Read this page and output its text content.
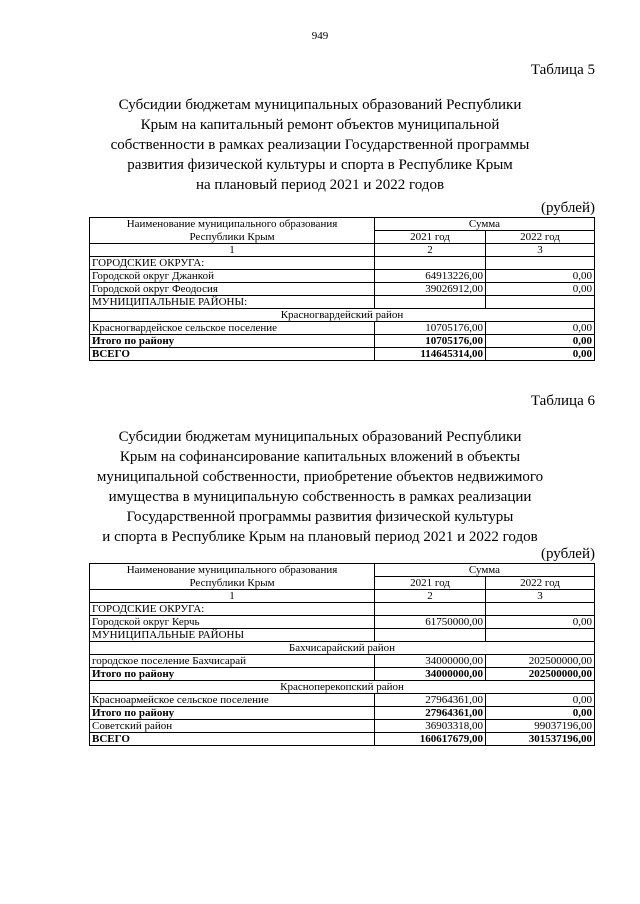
949
Таблица 5
Субсидии бюджетам муниципальных образований Республики
Крым на капитальный ремонт объектов муниципальной
собственности в рамках реализации Государственной программы
развития физической культуры и спорта в Республике Крым
на плановый период 2021 и 2022 годов
(рублей)
Наименование муниципального образования	Сумма	
Республики Крым	2021 год	2022 год
1	2	3
ГОРОДСКИЕ ОКРУГА:		
Городской округ Джанкой	64913226,00	0,00
Городской округ Феодосия	39026912,00	0,00
МУНИЦИПАЛЬНЫЕ РАЙОНЫ:		
Красногвардейский район		
Красногвардейское сельское поселение	10705176,00	0,00
Итого по району	10705176,00	0,00
ВСЕГО	114645314,00	0,00
Таблица 6
Субсидии бюджетам муниципальных образований Республики
Крым на софинансирование капитальных вложений в объекты
муниципальной собственности, приобретение объектов недвижимого
имущества в муниципальную собственность в рамках реализации
Государственной программы развития физической культуры
и спорта в Республике Крым на плановый период 2021 и 2022 годов
(рублей)
Наименование муниципального образования	Сумма	
Республики Крым	2021 год	2022 год
1	2	3
ГОРОДСКИЕ ОКРУГА:		
Городской округ Керчь	61750000,00	0,00
МУНИЦИПАЛЬНЫЕ РАЙОНЫ		
Бахчисарайский район		
городское поселение Бахчисарай	34000000,00	202500000,00
Итого по району	34000000,00	202500000,00
Красноперекопский район		
Красноармейское сельское поселение	27964361,00	0,00
Итого по району	27964361,00	0,00
Советский район	36903318,00	99037196,00
ВСЕГО	160617679,00	301537196,00
